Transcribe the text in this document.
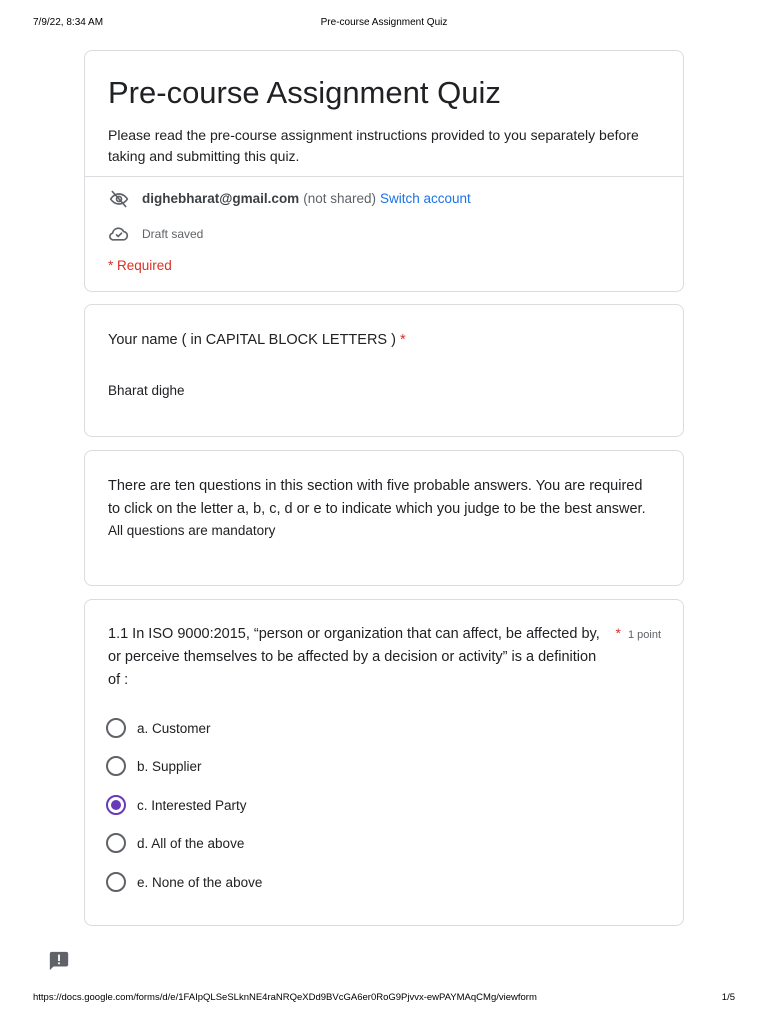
7/9/22, 8:34 AM	Pre-course Assignment Quiz
Pre-course Assignment Quiz
Please read the pre-course assignment instructions provided to you separately before taking and submitting this quiz.
dighebharat@gmail.com (not shared) Switch account
Draft saved
* Required
Your name ( in CAPITAL BLOCK LETTERS ) *
Bharat dighe
There are ten questions in this section with five probable answers. You are required to click on the letter a, b, c, d or e to indicate which you judge to be the best answer.
All questions are mandatory
1.1 In ISO 9000:2015, “person or organization that can affect, be affected by, or perceive themselves to be affected by a decision or activity” is a definition of :
* 1 point
a. Customer
b. Supplier
c. Interested Party
d. All of the above
e. None of the above
https://docs.google.com/forms/d/e/1FAIpQLSeSLknNE4raNRQeXDd9BVcGA6er0RoG9Pjvvx-ewPAYMAqCMg/viewform	1/5
